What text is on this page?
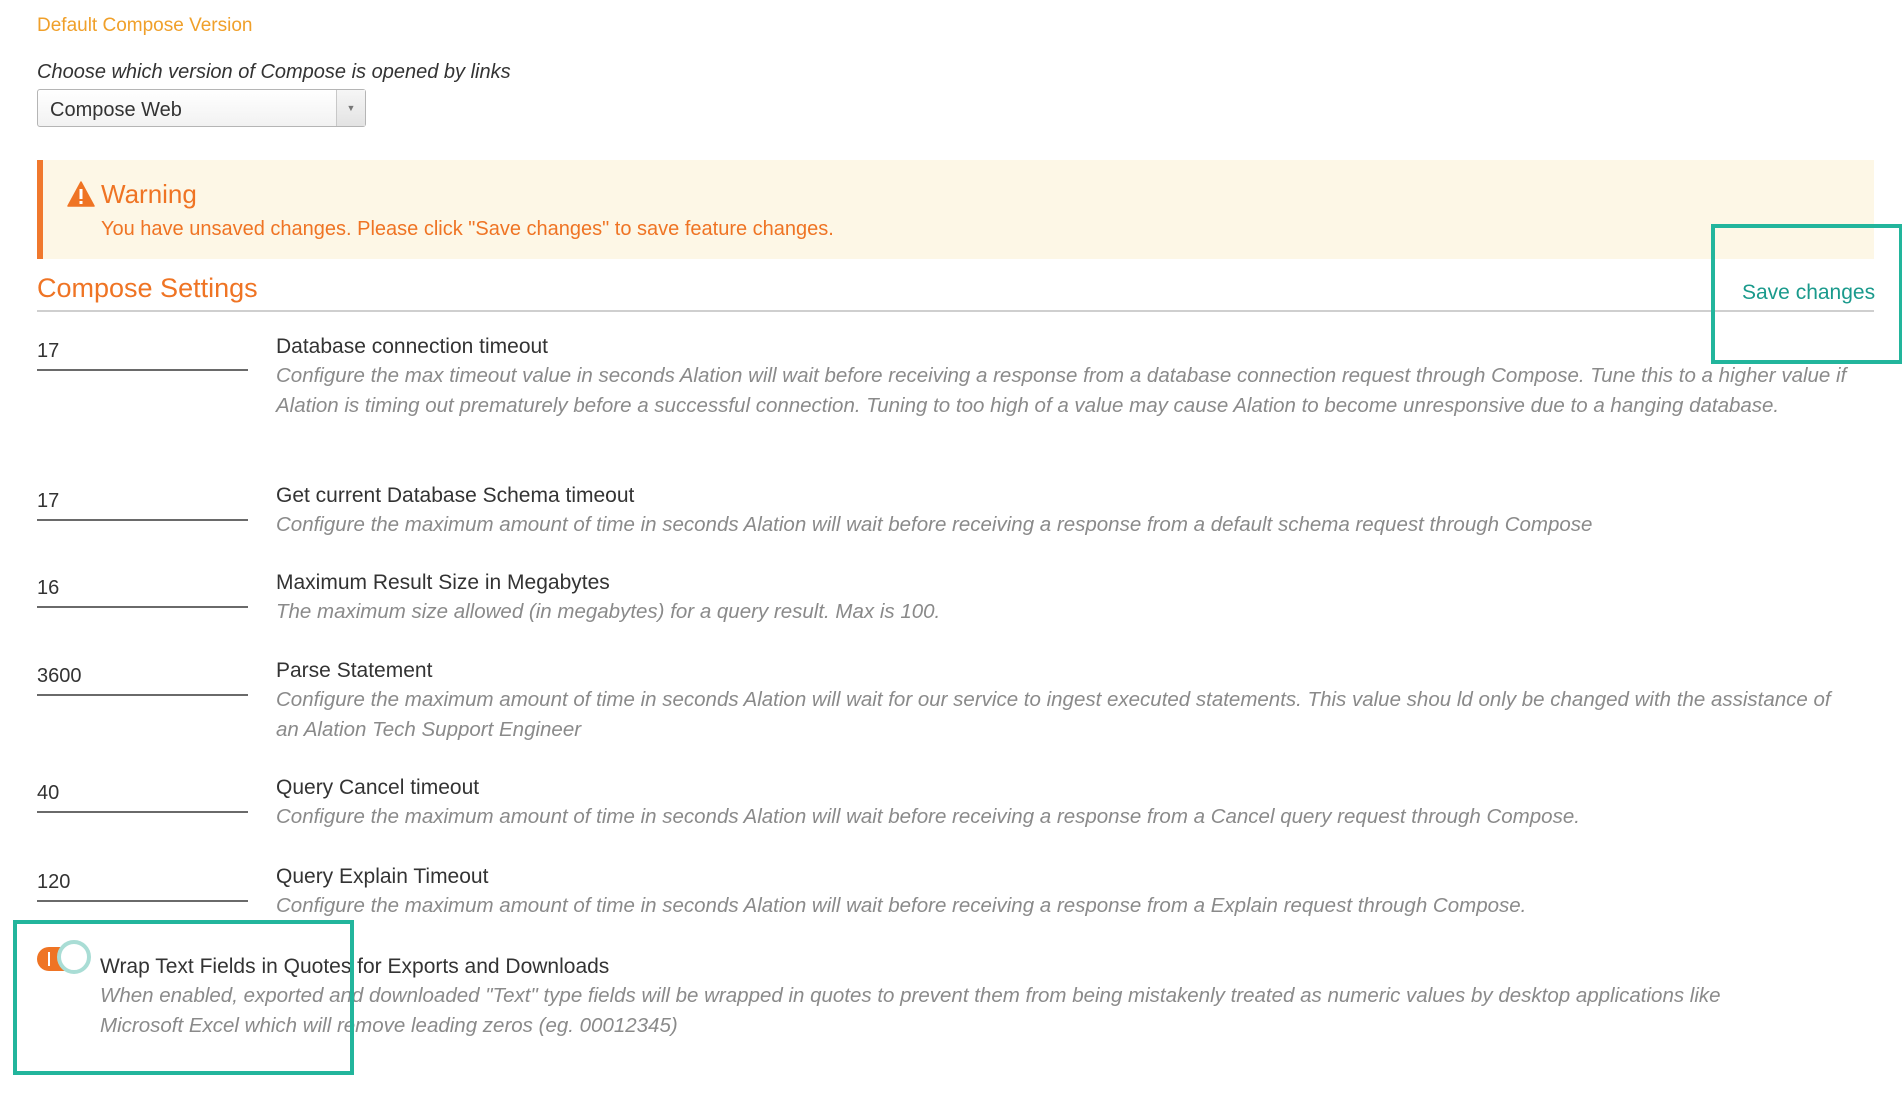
Default Compose Version
Choose which version of Compose is opened by links
Compose Web	▼
Warning
You have unsaved changes. Please click "Save changes" to save feature changes.
Compose Settings	Save changes
17	Database connection timeout
Configure the max timeout value in seconds Alation will wait before receiving a response from a database connection request through Compose. Tune this to a higher value if Alation is timing out prematurely before a successful connection. Tuning to too high of a value may cause Alation to become unresponsive due to a hanging database.
17	Get current Database Schema timeout
Configure the maximum amount of time in seconds Alation will wait before receiving a response from a default schema request through Compose
16	Maximum Result Size in Megabytes
The maximum size allowed (in megabytes) for a query result. Max is 100.
3600	Parse Statement
Configure the maximum amount of time in seconds Alation will wait for our service to ingest executed statements. This value shou ld only be changed with the assistance of an Alation Tech Support Engineer
40	Query Cancel timeout
Configure the maximum amount of time in seconds Alation will wait before receiving a response from a Cancel query request through Compose.
120	Query Explain Timeout
Configure the maximum amount of time in seconds Alation will wait before receiving a response from a Explain request through Compose.
Wrap Text Fields in Quotes for Exports and Downloads
When enabled, exported and downloaded "Text" type fields will be wrapped in quotes to prevent them from being mistakenly treated as numeric values by desktop applications like Microsoft Excel which will remove leading zeros (eg. 00012345)
